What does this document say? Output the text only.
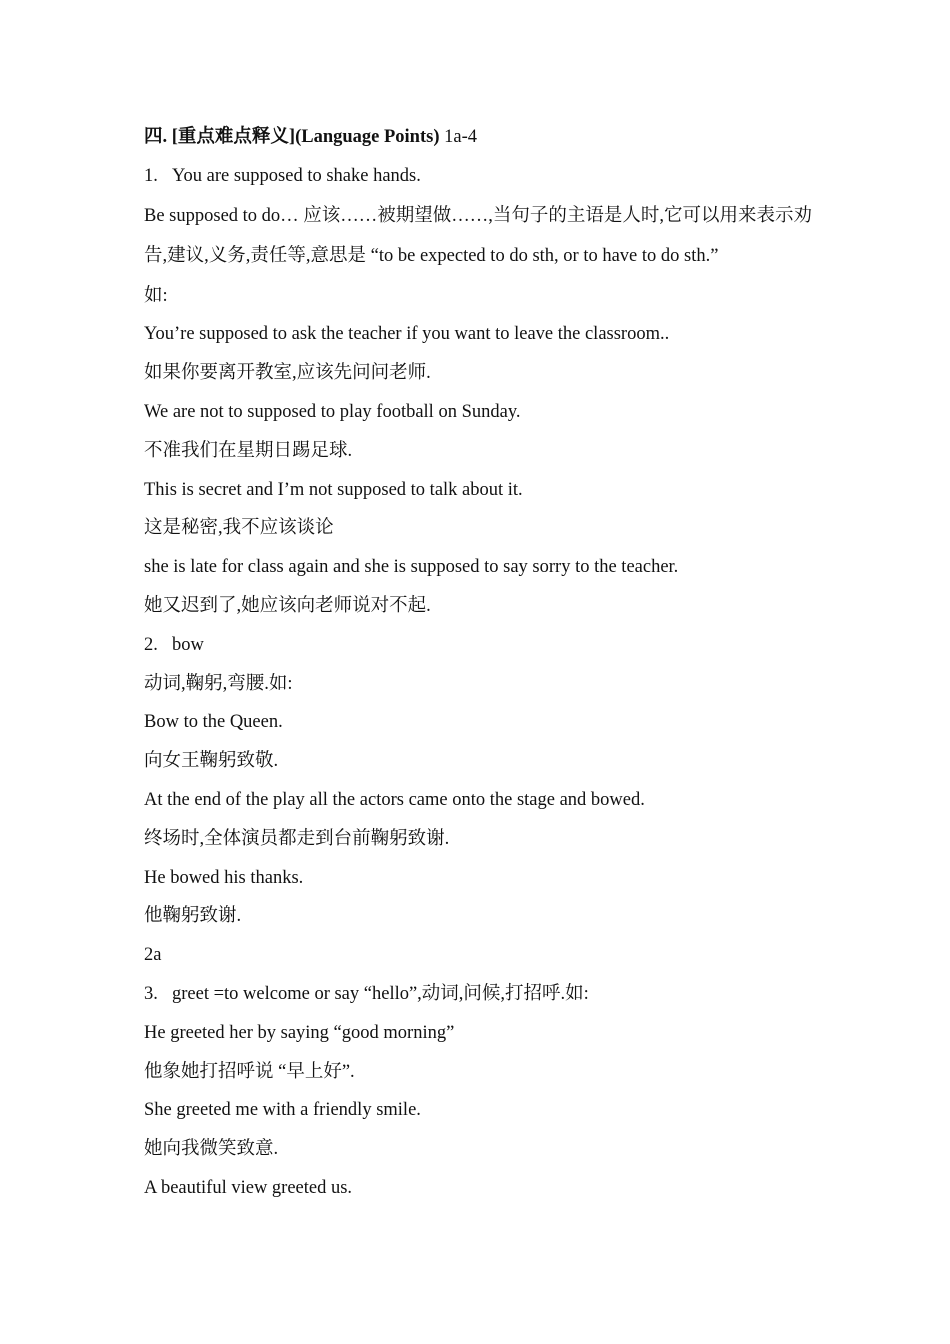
四. [重点难点释义](Language Points) 1a-4
1. You are supposed to shake hands.
Be supposed to do… 应该……被期望做……,当句子的主语是人时,它可以用来表示劝告,建议,义务,责任等,意思是 “to be expected to do sth, or to have to do sth.”
如:
You’re supposed to ask the teacher if you want to leave the classroom..
如果你要离开教室,应该先问问老师.
We are not to supposed to play football on Sunday.
不准我们在星期日踢足球.
This is secret and I’m not supposed to talk about it.
这是秘密,我不应该谈论
she is late for class again and she is supposed to say sorry to the teacher.
她又迟到了,她应该向老师说对不起.
2. bow
动词,鞠躬,弯腰.如:
Bow to the Queen.
向女王鞠躬致敬.
At the end of the play all the actors came onto the stage and bowed.
终场时,全体演员都走到台前鞠躬致谢.
He bowed his thanks.
他鞠躬致谢.
2a
3. greet =to welcome or say “hello”,动词,问候,打招呼.如:
He greeted her by saying “good morning”
他象她打招呼说 “早上好”.
She greeted me with a friendly smile.
她向我微笑致意.
A beautiful view greeted us.
